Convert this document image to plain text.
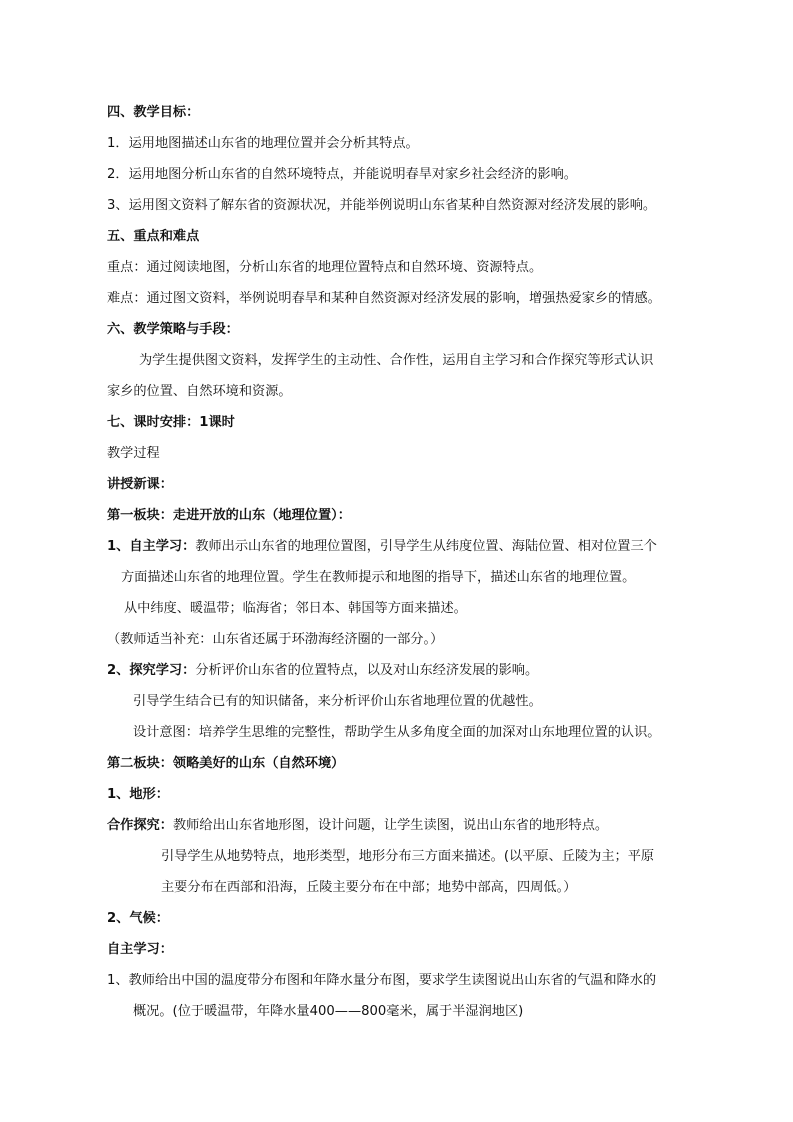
四、教学目标：
1．运用地图描述山东省的地理位置并会分析其特点。
2．运用地图分析山东省的自然环境特点，并能说明春旱对家乡社会经济的影响。
3、运用图文资料了解东省的资源状况，并能举例说明山东省某种自然资源对经济发展的影响。
五、重点和难点
重点：通过阅读地图，分析山东省的地理位置特点和自然环境、资源特点。
难点：通过图文资料，举例说明春旱和某种自然资源对经济发展的影响，增强热爱家乡的情感。
六、教学策略与手段：
为学生提供图文资料，发挥学生的主动性、合作性，运用自主学习和合作探究等形式认识
家乡的位置、自然环境和资源。
七、课时安排：1课时
教学过程
讲授新课：
第一板块：走进开放的山东（地理位置）：
1、自主学习：教师出示山东省的地理位置图，引导学生从纬度位置、海陆位置、相对位置三个
方面描述山东省的地理位置。学生在教师提示和地图的指导下，描述山东省的地理位置。
从中纬度、暖温带；临海省；邻日本、韩国等方面来描述。
（教师适当补充：山东省还属于环渤海经济圈的一部分。）
2、探究学习：分析评价山东省的位置特点，以及对山东经济发展的影响。
引导学生结合已有的知识储备，来分析评价山东省地理位置的优越性。
设计意图：培养学生思维的完整性，帮助学生从多角度全面的加深对山东地理位置的认识。
第二板块：领略美好的山东（自然环境）
1、地形：
合作探究：教师给出山东省地形图，设计问题，让学生读图，说出山东省的地形特点。
引导学生从地势特点，地形类型，地形分布三方面来描述。(以平原、丘陵为主；平原
主要分布在西部和沿海，丘陵主要分布在中部；地势中部高，四周低。）
2、气候：
自主学习：
1、教师给出中国的温度带分布图和年降水量分布图，要求学生读图说出山东省的气温和降水的
概况。(位于暖温带，年降水量400——800毫米，属于半湿润地区)
